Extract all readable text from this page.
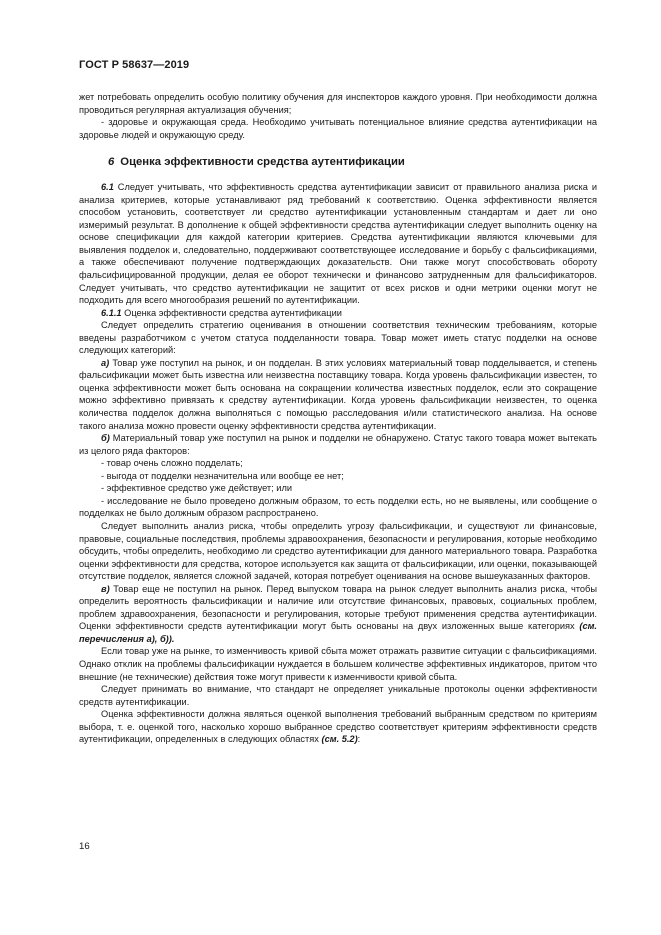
ГОСТ Р 58637—2019

жет потребовать определить особую политику обучения для инспекторов каждого уровня. При необходимости должна проводиться регулярная актуализация обучения;

- здоровье и окружающая среда. Необходимо учитывать потенциальное влияние средства аутентификации на здоровье людей и окружающую среду.

6 Оценка эффективности средства аутентификации

6.1 Следует учитывать, что эффективность средства аутентификации зависит от правильного анализа риска и анализа критериев, которые устанавливают ряд требований к соответствию. Оценка эффективности является способом установить, соответствует ли средство аутентификации установленным стандартам и дает ли оно измеримый результат. В дополнение к общей эффективности средства аутентификации следует выполнить оценку на основе спецификации для каждой категории критериев. Средства аутентификации являются ключевыми для выявления подделок и, следовательно, поддерживают соответствующее исследование и борьбу с фальсификациями, а также обеспечивают получение подтверждающих доказательств. Они также могут способствовать обороту фальсифицированной продукции, делая ее оборот технически и финансово затрудненным для фальсификаторов. Следует учитывать, что средство аутентификации не защитит от всех рисков и одни метрики оценки могут не подходить для всего многообразия решений по аутентификации.

6.1.1 Оценка эффективности средства аутентификации

Следует определить стратегию оценивания в отношении соответствия техническим требованиям, которые введены разработчиком с учетом статуса подделанности товара. Товар может иметь статус подделки на основе следующих категорий:

а) Товар уже поступил на рынок, и он подделан. В этих условиях материальный товар подделывается, и степень фальсификации может быть известна или неизвестна поставщику товара. Когда уровень фальсификации известен, то оценка эффективности может быть основана на сокращении количества известных подделок, если это сокращение можно эффективно привязать к средству аутентификации. Когда уровень фальсификации неизвестен, то оценка количества подделок должна выполняться с помощью расследования и/или статистического анализа. На основе такого анализа можно провести оценку эффективности средства аутентификации.

б) Материальный товар уже поступил на рынок и подделки не обнаружено. Статус такого товара может вытекать из целого ряда факторов:

- товар очень сложно подделать;

- выгода от подделки незначительна или вообще ее нет;

- эффективное средство уже действует; или

- исследование не было проведено должным образом, то есть подделки есть, но не выявлены, или сообщение о подделках не было должным образом распространено.

Следует выполнить анализ риска, чтобы определить угрозу фальсификации, и существуют ли финансовые, правовые, социальные последствия, проблемы здравоохранения, безопасности и регулирования, которые необходимо обсудить, чтобы определить, необходимо ли средство аутентификации для данного материального товара. Разработка оценки эффективности для средства, которое используется как защита от фальсификации, или оценки, показывающей отсутствие подделок, является сложной задачей, которая потребует оценивания на основе вышеуказанных факторов.

в) Товар еще не поступил на рынок. Перед выпуском товара на рынок следует выполнить анализ риска, чтобы определить вероятность фальсификации и наличие или отсутствие финансовых, правовых, социальных проблем, проблем здравоохранения, безопасности и регулирования, которые требуют применения средства аутентификации. Оценки эффективности средств аутентификации могут быть основаны на двух изложенных выше категориях (см. перечисления а), б)).

Если товар уже на рынке, то изменчивость кривой сбыта может отражать развитие ситуации с фальсификациями. Однако отклик на проблемы фальсификации нуждается в большем количестве эффективных индикаторов, притом что внешние (не технические) действия тоже могут привести к изменчивости кривой сбыта.

Следует принимать во внимание, что стандарт не определяет уникальные протоколы оценки эффективности средств аутентификации.

Оценка эффективности должна являться оценкой выполнения требований выбранным средством по критериям выбора, т. е. оценкой того, насколько хорошо выбранное средство соответствует критериям эффективности средств аутентификации, определенных в следующих областях (см. 5.2):

16
